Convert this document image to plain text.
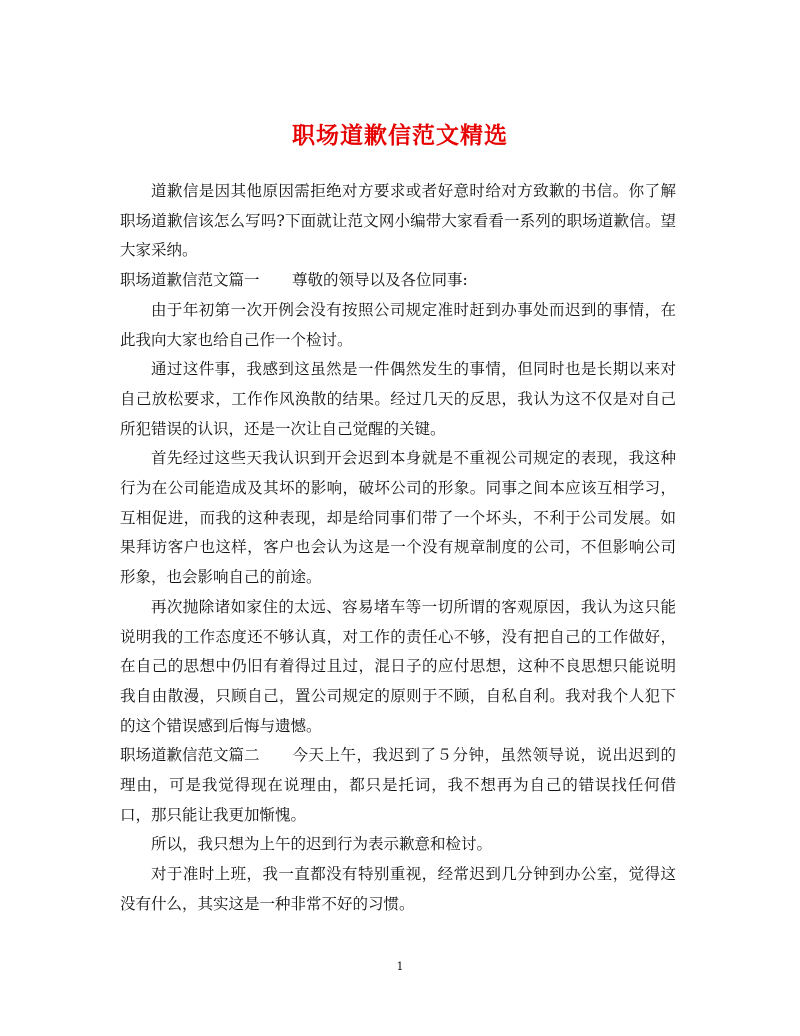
职场道歉信范文精选

道歉信是因其他原因需拒绝对方要求或者好意时给对方致歉的书信。你了解职场道歉信该怎么写吗?下面就让范文网小编带大家看看一系列的职场道歉信。望大家采纳。

职场道歉信范文篇一 尊敬的领导以及各位同事:

由于年初第一次开例会没有按照公司规定准时赶到办事处而迟到的事情，在此我向大家也给自己作一个检讨。

通过这件事，我感到这虽然是一件偶然发生的事情，但同时也是长期以来对自己放松要求，工作作风涣散的结果。经过几天的反思，我认为这不仅是对自己所犯错误的认识，还是一次让自己觉醒的关键。

首先经过这些天我认识到开会迟到本身就是不重视公司规定的表现，我这种行为在公司能造成及其坏的影响，破坏公司的形象。同事之间本应该互相学习，互相促进，而我的这种表现，却是给同事们带了一个坏头，不利于公司发展。如果拜访客户也这样，客户也会认为这是一个没有规章制度的公司，不但影响公司形象，也会影响自己的前途。

再次抛除诸如家住的太远、容易堵车等一切所谓的客观原因，我认为这只能说明我的工作态度还不够认真，对工作的责任心不够，没有把自己的工作做好，在自己的思想中仍旧有着得过且过，混日子的应付思想，这种不良思想只能说明我自由散漫，只顾自己，置公司规定的原则于不顾，自私自利。我对我个人犯下的这个错误感到后悔与遗憾。

职场道歉信范文篇二 今天上午，我迟到了５分钟，虽然领导说，说出迟到的理由，可是我觉得现在说理由，都只是托词，我不想再为自己的错误找任何借口，那只能让我更加惭愧。

所以，我只想为上午的迟到行为表示歉意和检讨。

对于准时上班，我一直都没有特别重视，经常迟到几分钟到办公室，觉得这没有什么，其实这是一种非常不好的习惯。

1
